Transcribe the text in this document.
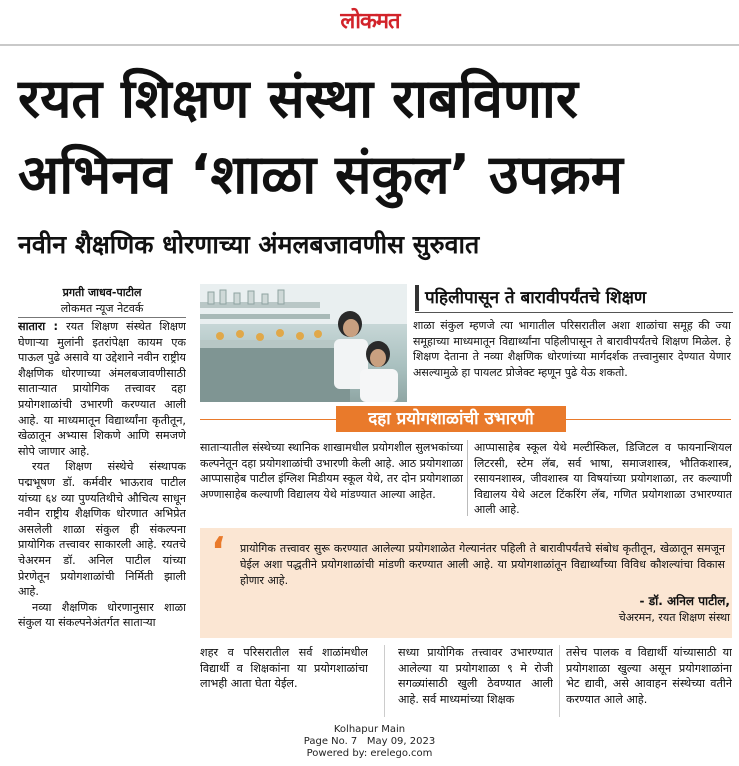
लोकमत
रयत शिक्षण संस्था राबविणार
अभिनव ‘शाळा संकुल’ उपक्रम
नवीन शैक्षणिक धोरणाच्या अंमलबजावणीस सुरुवात
प्रगती जाधव-पाटील
लोकमत न्यूज नेटवर्क

सातारा : रयत शिक्षण संस्थेत शिक्षण घेणाऱ्या मुलांनी इतरांपेक्षा कायम एक पाऊल पुढे असावे या उद्देशाने नवीन राष्ट्रीय शैक्षणिक धोरणाच्या अंमलबजावणीसाठी साताऱ्यात प्रायोगिक तत्त्वावर दहा प्रयोगशाळांची उभारणी करण्यात आली आहे. या माध्यमातून विद्यार्थ्यांना कृतीतून, खेळातून अभ्यास शिकणे आणि समजणे सोपे जाणार आहे.

रयत शिक्षण संस्थेचे संस्थापक पद्मभूषण डॉ. कर्मवीर भाऊराव पाटील यांच्या ६४ व्या पुण्यतिथीचे औचित्य साधून नवीन राष्ट्रीय शैक्षणिक धोरणात अभिप्रेत असलेली शाळा संकुल ही संकल्पना प्रायोगिक तत्त्वावर साकारली आहे. रयतचे चेअरमन डॉ. अनिल पाटील यांच्या प्रेरणेतून प्रयोगशाळांची निर्मिती झाली आहे.

नव्या शैक्षणिक धोरणानुसार शाळा संकुल या संकल्पनेअंतर्गत साताऱ्या

पहिलीपासून ते बारावीपर्यंतचे शिक्षण
शाळा संकुल म्हणजे त्या भागातील परिसरातील अशा शाळांचा समूह की ज्या समूहाच्या माध्यमातून विद्यार्थ्यांना पहिलीपासून ते बारावीपर्यंतचे शिक्षण मिळेल. हे शिक्षण देताना ते नव्या शैक्षणिक धोरणांच्या मार्गदर्शक तत्त्वानुसार देण्यात येणार असल्यामुळे हा पायलट प्रोजेक्ट म्हणून पुढे येऊ शकतो.
दहा प्रयोगशाळांची उभारणी
साताऱ्यातील संस्थेच्या स्थानिक शाखामधील प्रयोगशील सुलभकांच्या कल्पनेतून दहा प्रयोगशाळांची उभारणी केली आहे. आठ प्रयोगशाळा आप्पासाहेब पाटील इंग्लिश मिडीयम स्कूल येथे, तर दोन प्रयोगशाळा अण्णासाहेब कल्याणी विद्यालय येथे मांडण्यात आल्या आहेत.
आप्पासाहेब स्कूल येथे मल्टीस्किल, डिजिटल व फायनान्शियल लिटरसी, स्टेम लॅब, सर्व भाषा, समाजशास्त्र, भौतिकशास्त्र, रसायनशास्त्र, जीवशास्त्र या विषयांच्या प्रयोगशाळा, तर कल्याणी विद्यालय येथे अटल टिंकरिंग लॅब, गणित प्रयोगशाळा उभारण्यात आली आहे.
‘ प्रायोगिक तत्त्वावर सुरू करण्यात आलेल्या प्रयोगशाळेत गेल्यानंतर पहिली ते बारावीपर्यंतचे संबोध कृतीतून, खेळातून समजून घेईल अशा पद्धतीने प्रयोगशाळांची मांडणी करण्यात आली आहे. या प्रयोगशाळांतून विद्यार्थ्यांच्या विविध कौशल्यांचा विकास होणार आहे.
- डॉ. अनिल पाटील,
चेअरमन, रयत शिक्षण संस्था
शहर व परिसरातील सर्व शाळांमधील विद्यार्थी व शिक्षकांना या प्रयोगशाळांचा लाभही आता घेता येईल.
सध्या प्रायोगिक तत्त्वावर उभारण्यात आलेल्या या प्रयोगशाळा ९ मे रोजी सगळ्यांसाठी खुली ठेवण्यात आली आहे. सर्व माध्यमांच्या शिक्षक
तसेच पालक व विद्यार्थी यांच्यासाठी या प्रयोगशाळा खुल्या असून प्रयोगशाळांना भेट द्यावी, असे आवाहन संस्थेच्या वतीने करण्यात आले आहे.
Kolhapur Main
Page No. 7 May 09, 2023
Powered by: erelego.com
